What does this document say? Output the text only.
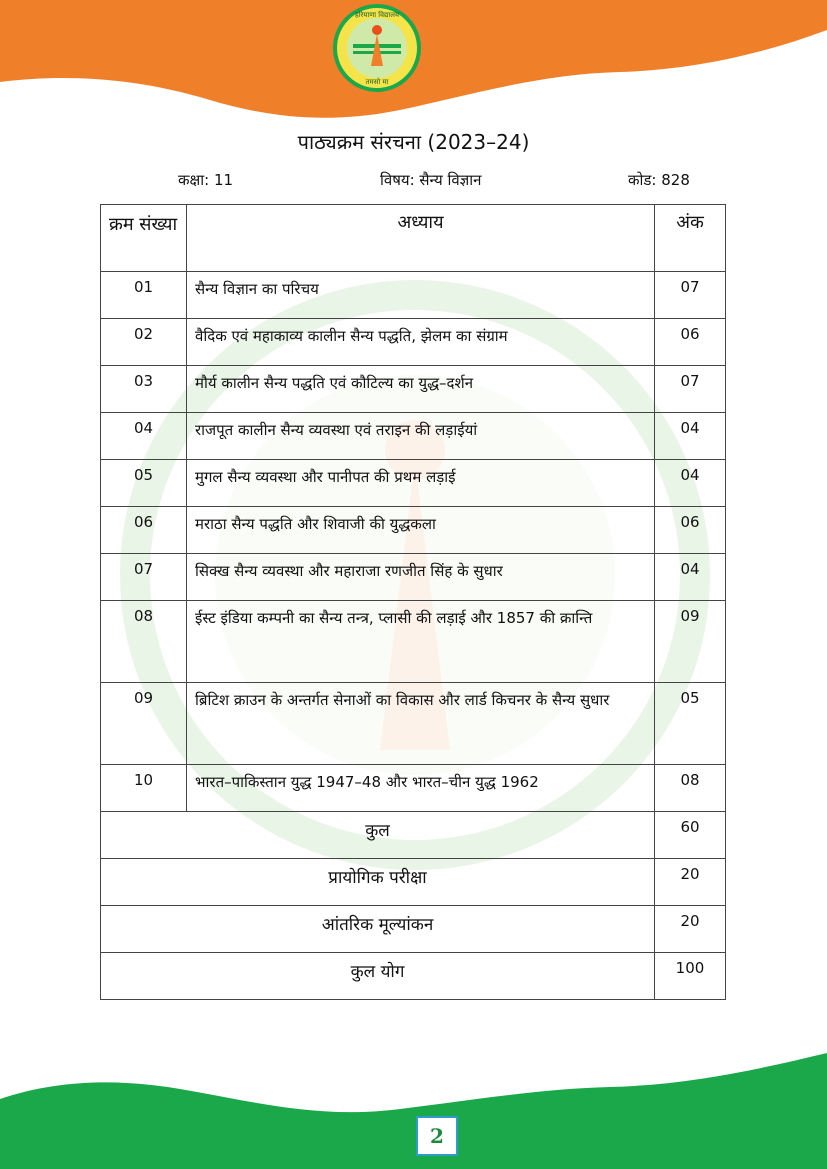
हरियाणा विद्यालय
तमसो मा
पाठ्यक्रम संरचना (2023–24)
कक्षा: 11	विषय: सैन्य विज्ञान	कोड: 828
क्रम संख्या	अध्याय	अंक
01	सैन्य विज्ञान का परिचय	07
02	वैदिक एवं महाकाव्य कालीन सैन्य पद्धति, झेलम का संग्राम	06
03	मौर्य कालीन सैन्य पद्धति एवं कौटिल्य का युद्ध–दर्शन	07
04	राजपूत कालीन सैन्य व्यवस्था एवं तराइन की लड़ाईयां	04
05	मुगल सैन्य व्यवस्था और पानीपत की प्रथम लड़ाई	04
06	मराठा सैन्य पद्धति और शिवाजी की युद्धकला	06
07	सिक्ख सैन्य व्यवस्था और महाराजा रणजीत सिंह के सुधार	04
08	ईस्ट इंडिया कम्पनी का सैन्य तन्त्र, प्लासी की लड़ाई और 1857 की क्रान्ति	09
09	ब्रिटिश क्राउन के अन्तर्गत सेनाओं का विकास और लार्ड किचनर के सैन्य सुधार	05
10	भारत–पाकिस्तान युद्ध 1947–48 और भारत–चीन युद्ध 1962	08
कुल		60
प्रायोगिक परीक्षा		20
आंतरिक मूल्यांकन		20
कुल योग		100
2
